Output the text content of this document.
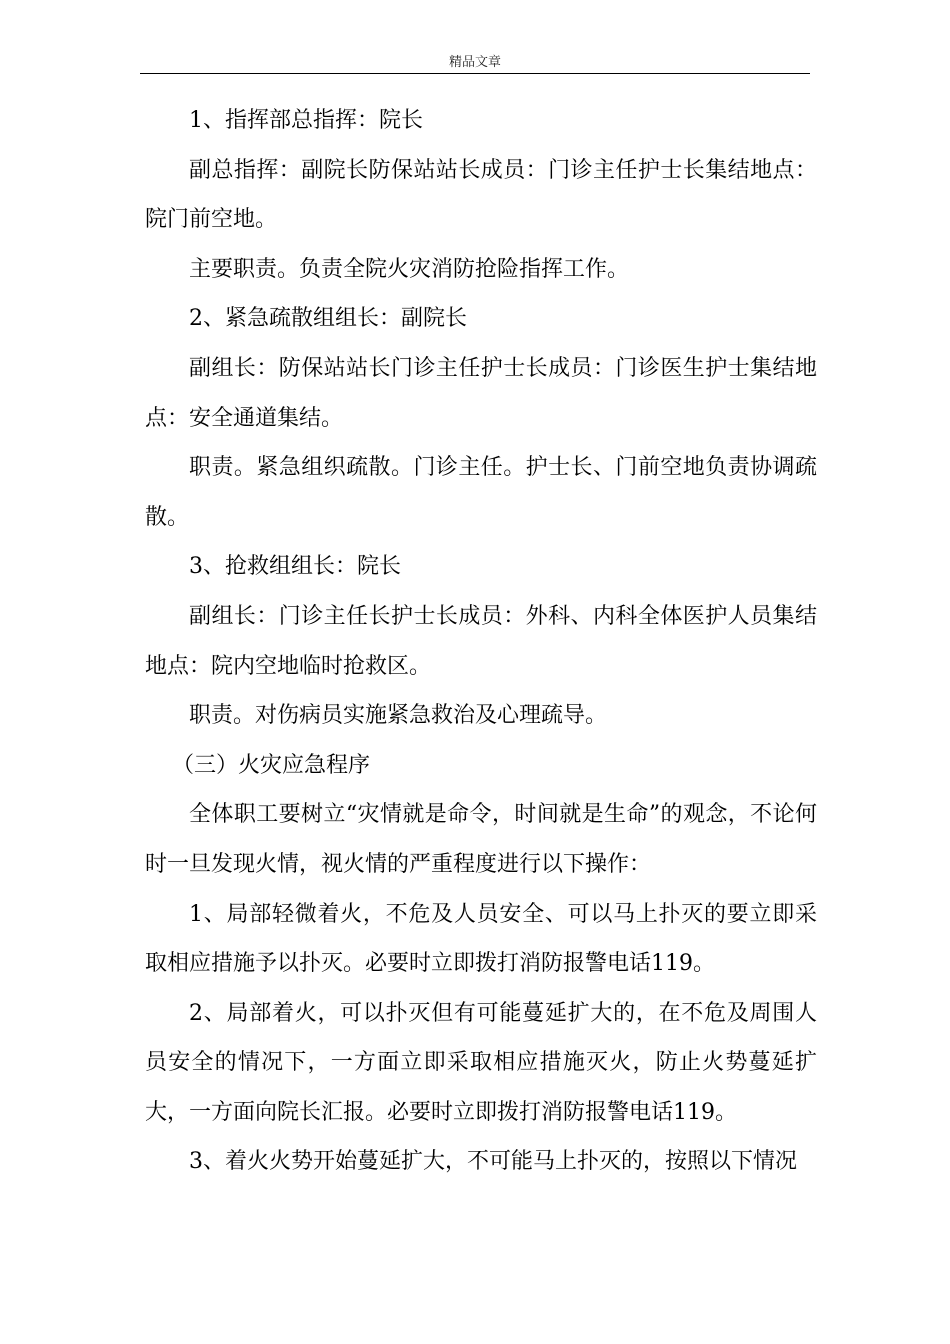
精品文章

1、指挥部总指挥：院长

副总指挥：副院长防保站站长成员：门诊主任护士长集结地点：院门前空地。

主要职责。负责全院火灾消防抢险指挥工作。

2、紧急疏散组组长：副院长

副组长：防保站站长门诊主任护士长成员：门诊医生护士集结地点：安全通道集结。

职责。紧急组织疏散。门诊主任。护士长、门前空地负责协调疏散。

3、抢救组组长：院长

副组长：门诊主任长护士长成员：外科、内科全体医护人员集结地点：院内空地临时抢救区。

职责。对伤病员实施紧急救治及心理疏导。

（三）火灾应急程序

全体职工要树立“灾情就是命令，时间就是生命”的观念，不论何时一旦发现火情，视火情的严重程度进行以下操作：

1、局部轻微着火，不危及人员安全、可以马上扑灭的要立即采取相应措施予以扑灭。必要时立即拨打消防报警电话119。

2、局部着火，可以扑灭但有可能蔓延扩大的，在不危及周围人员安全的情况下，一方面立即采取相应措施灭火，防止火势蔓延扩大，一方面向院长汇报。必要时立即拨打消防报警电话119。

3、着火火势开始蔓延扩大，不可能马上扑灭的，按照以下情况
